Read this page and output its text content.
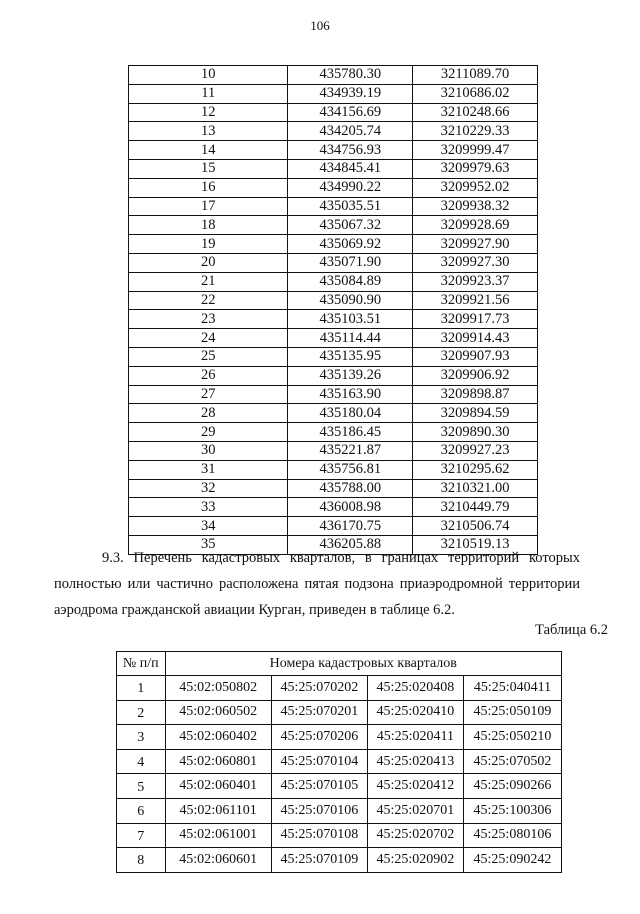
106
10	435780.30	3211089.70
11	434939.19	3210686.02
12	434156.69	3210248.66
13	434205.74	3210229.33
14	434756.93	3209999.47
15	434845.41	3209979.63
16	434990.22	3209952.02
17	435035.51	3209938.32
18	435067.32	3209928.69
19	435069.92	3209927.90
20	435071.90	3209927.30
21	435084.89	3209923.37
22	435090.90	3209921.56
23	435103.51	3209917.73
24	435114.44	3209914.43
25	435135.95	3209907.93
26	435139.26	3209906.92
27	435163.90	3209898.87
28	435180.04	3209894.59
29	435186.45	3209890.30
30	435221.87	3209927.23
31	435756.81	3210295.62
32	435788.00	3210321.00
33	436008.98	3210449.79
34	436170.75	3210506.74
35	436205.88	3210519.13

9.3. Перечень кадастровых кварталов, в границах территорий которых полностью или частично расположена пятая подзона приаэродромной территории аэродрома гражданской авиации Курган, приведен в таблице 6.2.

Таблица 6.2
№ п/п	Номера кадастровых кварталов			
1	45:02:050802	45:25:070202	45:25:020408	45:25:040411
2	45:02:060502	45:25:070201	45:25:020410	45:25:050109
3	45:02:060402	45:25:070206	45:25:020411	45:25:050210
4	45:02:060801	45:25:070104	45:25:020413	45:25:070502
5	45:02:060401	45:25:070105	45:25:020412	45:25:090266
6	45:02:061101	45:25:070106	45:25:020701	45:25:100306
7	45:02:061001	45:25:070108	45:25:020702	45:25:080106
8	45:02:060601	45:25:070109	45:25:020902	45:25:090242
